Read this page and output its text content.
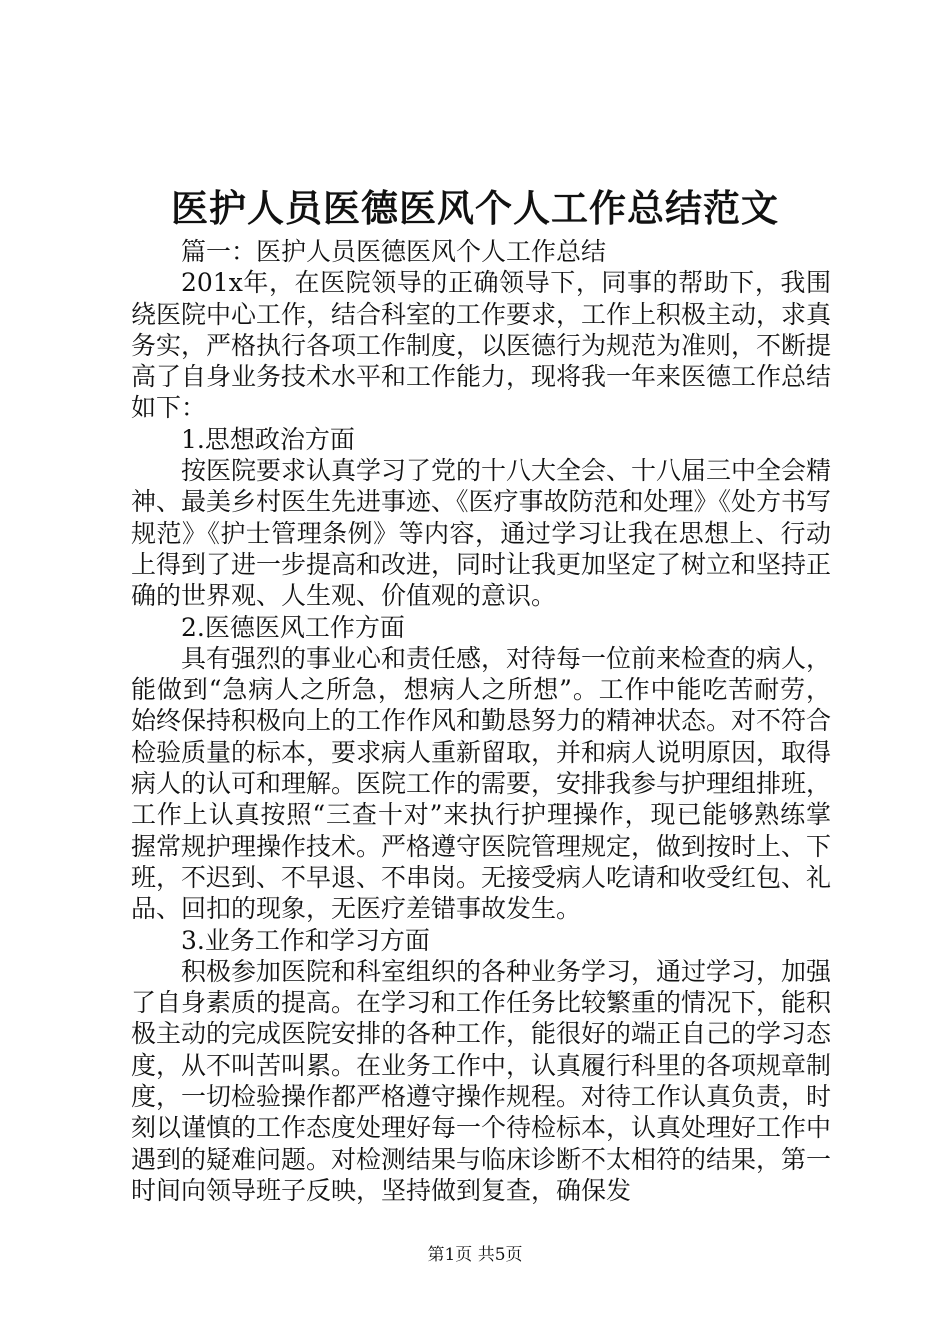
医护人员医德医风个人工作总结范文

篇一：医护人员医德医风个人工作总结

201x年，在医院领导的正确领导下，同事的帮助下，我围绕医院中心工作，结合科室的工作要求，工作上积极主动，求真务实，严格执行各项工作制度，以医德行为规范为准则，不断提高了自身业务技术水平和工作能力，现将我一年来医德工作总结如下：

1.思想政治方面

按医院要求认真学习了党的十八大全会、十八届三中全会精神、最美乡村医生先进事迹、《医疗事故防范和处理》《处方书写规范》《护士管理条例》等内容，通过学习让我在思想上、行动上得到了进一步提高和改进，同时让我更加坚定了树立和坚持正确的世界观、人生观、价值观的意识。

2.医德医风工作方面

具有强烈的事业心和责任感，对待每一位前来检查的病人，能做到“急病人之所急，想病人之所想”。工作中能吃苦耐劳，始终保持积极向上的工作作风和勤恳努力的精神状态。对不符合检验质量的标本，要求病人重新留取，并和病人说明原因，取得病人的认可和理解。医院工作的需要，安排我参与护理组排班，工作上认真按照“三查十对”来执行护理操作，现已能够熟练掌握常规护理操作技术。严格遵守医院管理规定，做到按时上、下班，不迟到、不早退、不串岗。无接受病人吃请和收受红包、礼品、回扣的现象，无医疗差错事故发生。

3.业务工作和学习方面

积极参加医院和科室组织的各种业务学习，通过学习，加强了自身素质的提高。在学习和工作任务比较繁重的情况下，能积极主动的完成医院安排的各种工作，能很好的端正自己的学习态度，从不叫苦叫累。在业务工作中，认真履行科里的各项规章制度，一切检验操作都严格遵守操作规程。对待工作认真负责，时刻以谨慎的工作态度处理好每一个待检标本，认真处理好工作中遇到的疑难问题。对检测结果与临床诊断不太相符的结果，第一时间向领导班子反映，坚持做到复查，确保发

第1页 共5页
